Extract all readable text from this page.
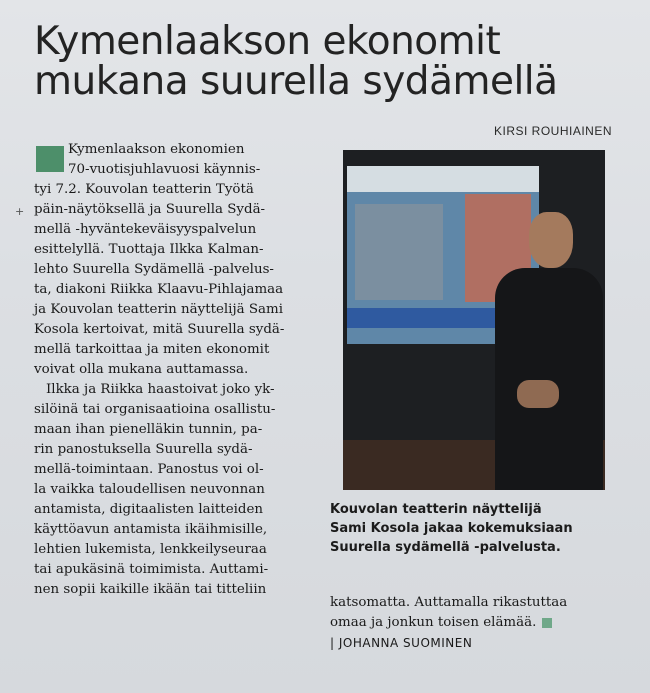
Kymenlaakson ekonomit
mukana suurella sydämellä
KIRSI ROUHIAINEN
+
Kymenlaakson ekonomien
70-vuotisjuhlavuosi käynnis-
tyi 7.2. Kouvolan teatterin Työtä
päin-näytöksellä ja Suurella Sydä-
mellä -hyväntekeväisyyspalvelun
esittelyllä. Tuottaja Ilkka Kalman-
lehto Suurella Sydämellä -palvelus-
ta, diakoni Riikka Klaavu-Pihlajamaa
ja Kouvolan teatterin näyttelijä Sami
Kosola kertoivat, mitä Suurella sydä-
mellä tarkoittaa ja miten ekonomit
voivat olla mukana auttamassa.
Ilkka ja Riikka haastoivat joko yk-
silöinä tai organisaatioina osallistu-
maan ihan pienelläkin tunnin, pa-
rin panostuksella Suurella sydä-
mellä-toimintaan. Panostus voi ol-
la vaikka taloudellisen neuvonnan
antamista, digitaalisten laitteiden
käyttöavun antamista ikäihmisille,
lehtien lukemista, lenkkeilyseuraa
tai apukäsinä toimimista. Auttami-
nen sopii kaikille ikään tai titteliin
Kouvolan teatterin näyttelijä
Sami Kosola jakaa kokemuksiaan
Suurella sydämellä -palvelusta.
katsomatta. Auttamalla rikastuttaa
omaa ja jonkun toisen elämää.
| JOHANNA SUOMINEN
